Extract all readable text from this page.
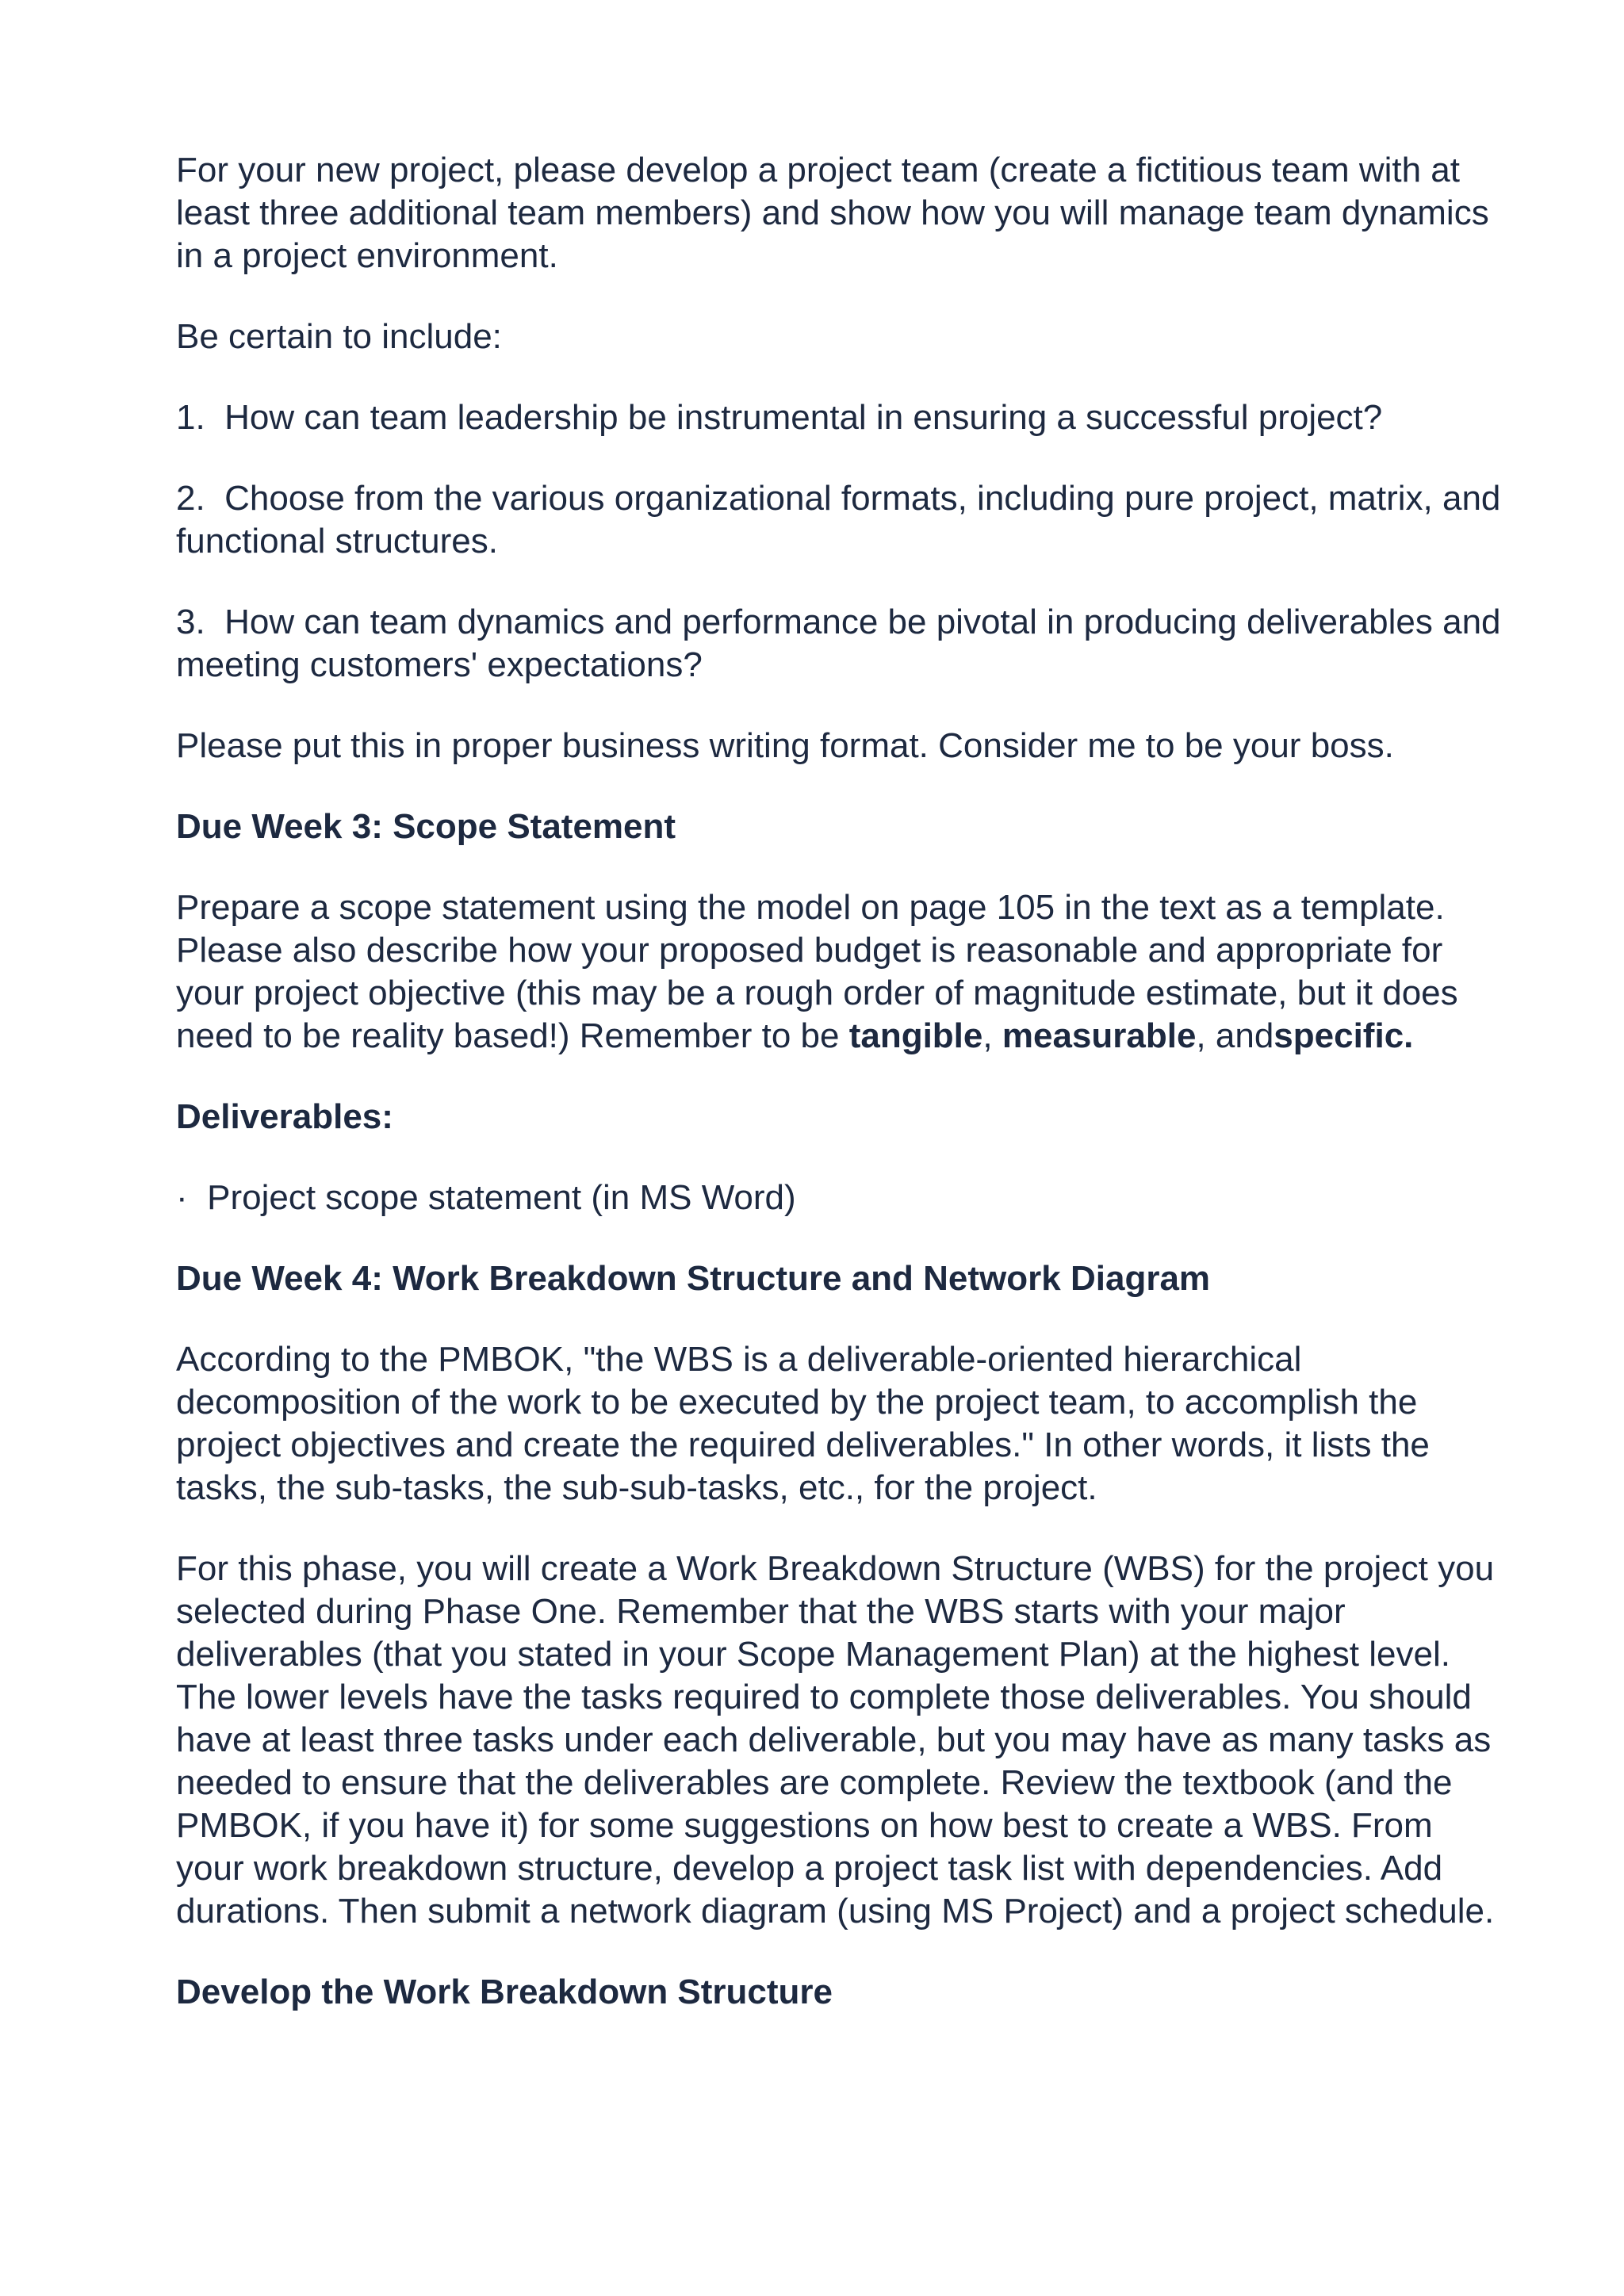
For your new project, please develop a project team (create a fictitious team with at least three additional team members) and show how you will manage team dynamics in a project environment.

Be certain to include:

1. How can team leadership be instrumental in ensuring a successful project?

2. Choose from the various organizational formats, including pure project, matrix, and functional structures.

3. How can team dynamics and performance be pivotal in producing deliverables and meeting customers' expectations?

Please put this in proper business writing format. Consider me to be your boss.

Due Week 3: Scope Statement

Prepare a scope statement using the model on page 105 in the text as a template. Please also describe how your proposed budget is reasonable and appropriate for your project objective (this may be a rough order of magnitude estimate, but it does need to be reality based!) Remember to be tangible, measurable, andspecific.

Deliverables:

· Project scope statement (in MS Word)

Due Week 4: Work Breakdown Structure and Network Diagram

According to the PMBOK, "the WBS is a deliverable-oriented hierarchical decomposition of the work to be executed by the project team, to accomplish the project objectives and create the required deliverables." In other words, it lists the tasks, the sub-tasks, the sub-sub-tasks, etc., for the project.

For this phase, you will create a Work Breakdown Structure (WBS) for the project you selected during Phase One. Remember that the WBS starts with your major deliverables (that you stated in your Scope Management Plan) at the highest level. The lower levels have the tasks required to complete those deliverables. You should have at least three tasks under each deliverable, but you may have as many tasks as needed to ensure that the deliverables are complete. Review the textbook (and the PMBOK, if you have it) for some suggestions on how best to create a WBS. From your work breakdown structure, develop a project task list with dependencies. Add durations. Then submit a network diagram (using MS Project) and a project schedule.

Develop the Work Breakdown Structure
